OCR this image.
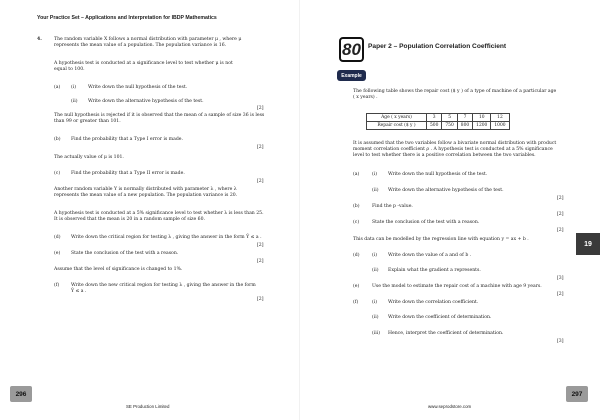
Your Practice Set – Applications and Interpretation for IBDP Mathematics
4.	The random variable X follows a normal distribution with parameter μ , where μ
represents the mean value of a population. The population variance is 16.
A hypothesis test is conducted at a significance level to test whether μ is not
equal to 100.
(a) (i)	Write down the null hypothesis of the test.
(ii) Write down the alternative hypothesis of the test.
[2]
The null hypothesis is rejected if it is observed that the mean of a sample of size 36 is less
than 99 or greater than 101.
(b) Find the probability that a Type I error is made.
[2]
The actually value of μ is 101.
(c) Find the probability that a Type II error is made.
[2]
Another random variable Y is normally distributed with parameter λ , where λ
represents the mean value of a new population. The population variance is 20.
A hypothesis test is conducted at a 5% significance level to test whether λ is less than 25.
It is observed that the mean is 20 in a random sample of size 60.
(d) Write down the critical region for testing λ , giving the answer in the form Ȳ ≤ a .
[2]
(e) State the conclusion of the test with a reason.
[2]
Assume that the level of significance is changed to 1%.
(f)	Write down the new critical region for testing λ , giving the answer in the form
Ȳ ≤ a .
[2]
80	Paper 2 – Population Correlation Coefficient
Example
The following table shows the repair cost ($ y ) of a type of machine of a particular age
( x years) .
Age ( x years)	3	5	7	10	12
Repair cost ($ y )	500	750	800	1200	1000
It is assumed that the two variables follow a bivariate normal distribution with product
moment correlation coefficient ρ . A hypothesis test is conducted at a 5% significance
level to test whether there is a positive correlation between the two variables.
(a)	(i) Write down the null hypothesis of the test.
(ii) Write down the alternative hypothesis of the test.
[2]
(b)	Find the p -value.
[2]
(c)	State the conclusion of the test with a reason.
[2]
This data can be modelled by the regression line with equation y = ax + b .
(d)	(i) Write down the value of a and of b .
(ii) Explain what the gradient a represents.
[3]
(e)	Use the model to estimate the repair cost of a machine with age 9 years.
[2]
(f)	(i) Write down the correlation coefficient.
(ii) Write down the coefficient of determination.
(iii) Hence, interpret the coefficient of determination.
[3]
19
296	297
SE Production Limited	www.seprodstore.com
